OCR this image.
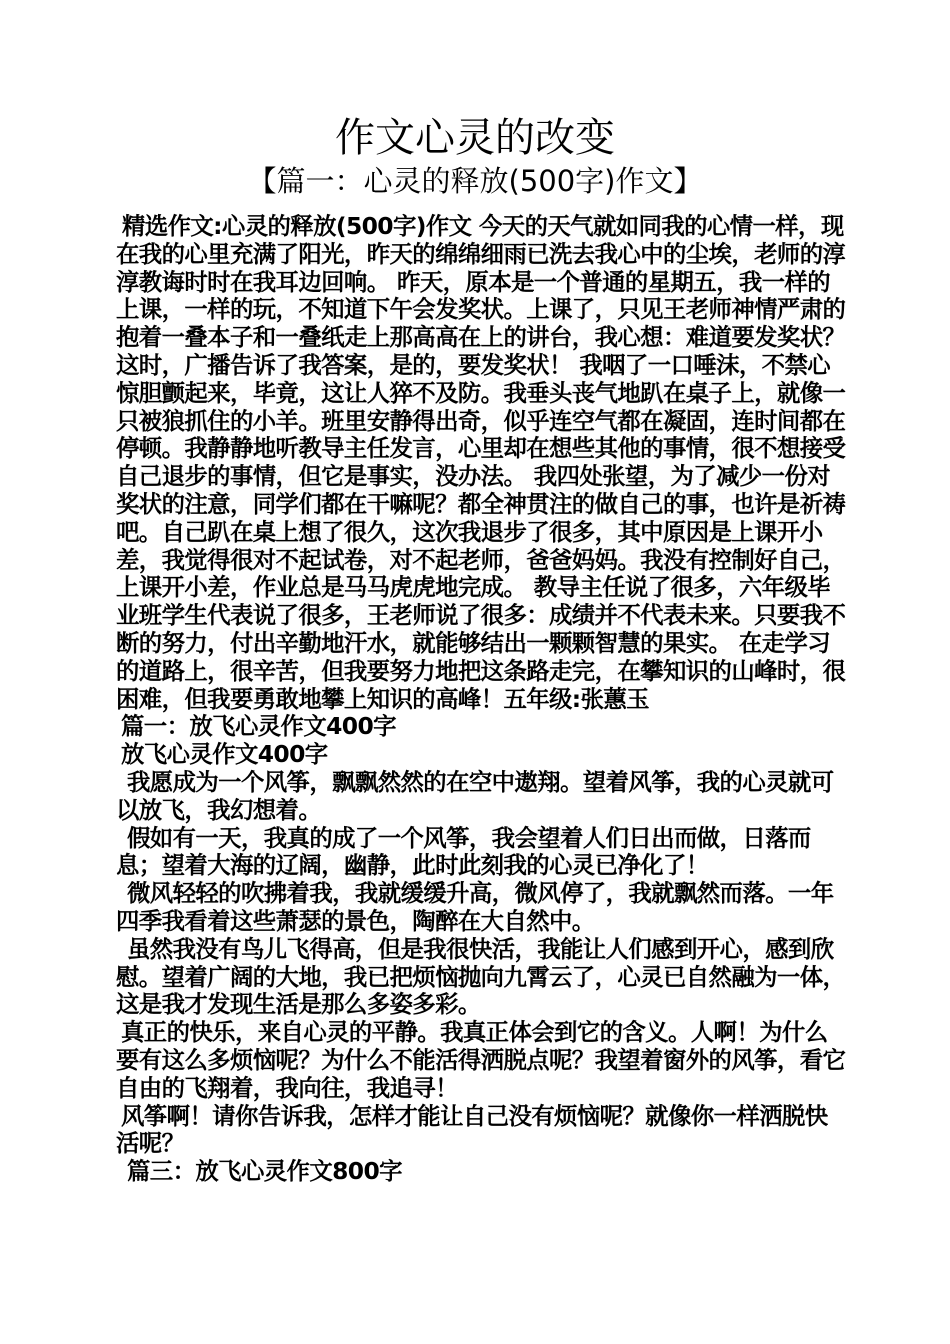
作文心灵的改变
【篇一：心灵的释放(500字)作文】

精选作文:心灵的释放(500字)作文 今天的天气就如同我的心情一样，现在我的心里充满了阳光，昨天的绵绵细雨已洗去我心中的尘埃，老师的淳淳教诲时时在我耳边回响。 昨天，原本是一个普通的星期五，我一样的上课，一样的玩，不知道下午会发奖状。上课了，只见王老师神情严肃的抱着一叠本子和一叠纸走上那高高在上的讲台，我心想：难道要发奖状？这时，广播告诉了我答案，是的，要发奖状！ 我咽了一口唾沫，不禁心惊胆颤起来，毕竟，这让人猝不及防。我垂头丧气地趴在桌子上，就像一只被狼抓住的小羊。班里安静得出奇，似乎连空气都在凝固，连时间都在停顿。我静静地听教导主任发言，心里却在想些其他的事情，很不想接受自己退步的事情，但它是事实，没办法。 我四处张望，为了减少一份对奖状的注意，同学们都在干嘛呢？都全神贯注的做自己的事，也许是祈祷吧。自己趴在桌上想了很久，这次我退步了很多，其中原因是上课开小差，我觉得很对不起试卷，对不起老师，爸爸妈妈。我没有控制好自己，上课开小差，作业总是马马虎虎地完成。 教导主任说了很多，六年级毕业班学生代表说了很多，王老师说了很多：成绩并不代表未来。只要我不断的努力，付出辛勤地汗水，就能够结出一颗颗智慧的果实。 在走学习的道路上，很辛苦，但我要努力地把这条路走完，在攀知识的山峰时，很困难，但我要勇敢地攀上知识的高峰！五年级:张蕙玉

篇一：放飞心灵作文400字

放飞心灵作文400字

我愿成为一个风筝，飘飘然然的在空中遨翔。望着风筝，我的心灵就可以放飞，我幻想着。

假如有一天，我真的成了一个风筝，我会望着人们日出而做，日落而息；望着大海的辽阔，幽静，此时此刻我的心灵已净化了！

微风轻轻的吹拂着我，我就缓缓升高，微风停了，我就飘然而落。一年四季我看着这些萧瑟的景色，陶醉在大自然中。

虽然我没有鸟儿飞得高，但是我很快活，我能让人们感到开心，感到欣慰。望着广阔的大地，我已把烦恼抛向九霄云了，心灵已自然融为一体，这是我才发现生活是那么多姿多彩。

真正的快乐，来自心灵的平静。我真正体会到它的含义。人啊！为什么要有这么多烦恼呢？为什么不能活得洒脱点呢？我望着窗外的风筝，看它自由的飞翔着，我向往，我追寻！

风筝啊！请你告诉我，怎样才能让自己没有烦恼呢？就像你一样洒脱快活呢？

篇三：放飞心灵作文800字
